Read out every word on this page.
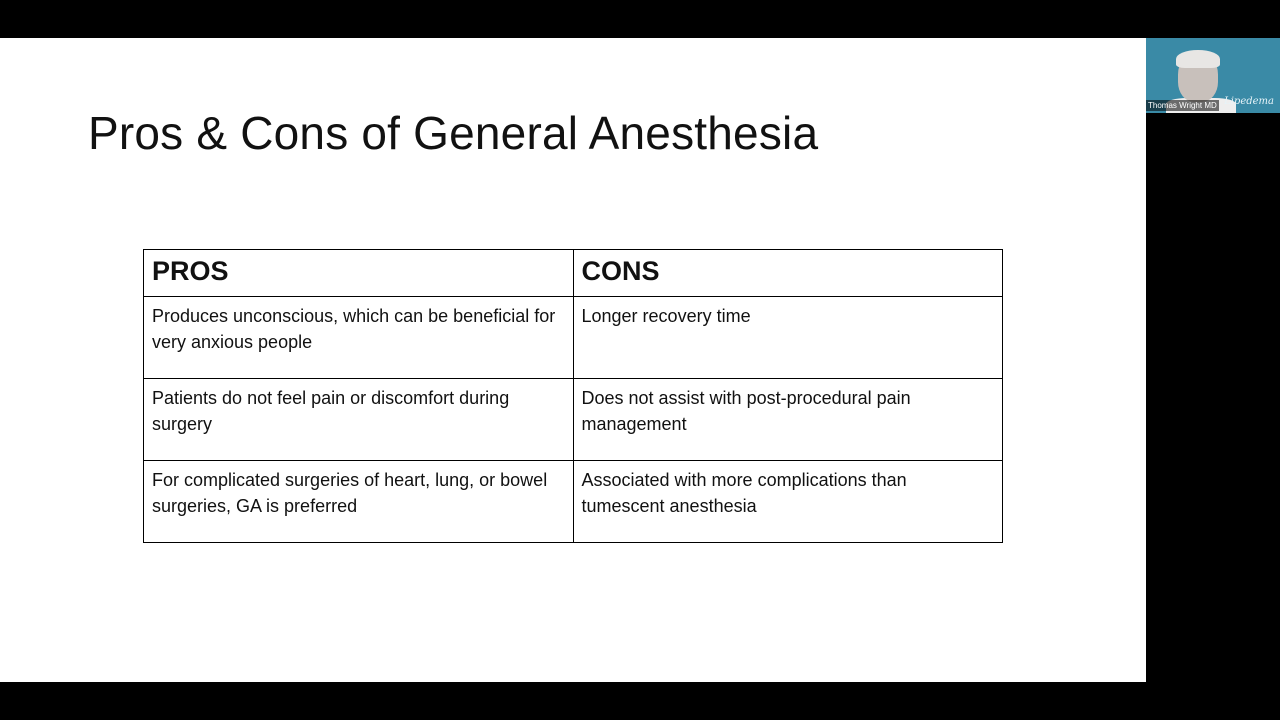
Pros & Cons of General Anesthesia
PROS	CONS
Produces unconscious, which can be beneficial for very anxious people	Longer recovery time
Patients do not feel pain or discomfort during surgery	Does not assist with post-procedural pain management
For complicated surgeries of heart, lung, or bowel surgeries, GA is preferred	Associated with more complications than tumescent anesthesia
Lipedema
Thomas Wright MD
